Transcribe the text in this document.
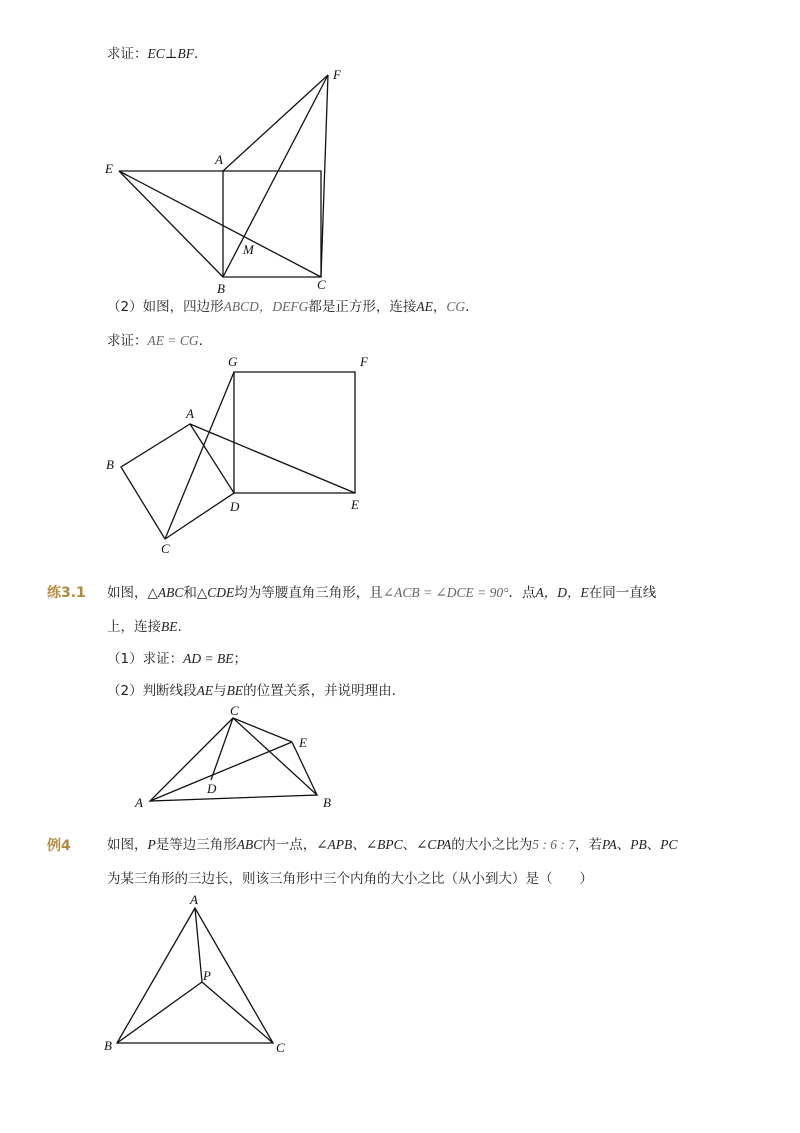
求证：EC⊥BF.
E
A
F
M
B	C
（2）如图，四边形ABCD，DEFG都是正方形，连接AE，CG.
求证：AE = CG.
G	F
A
B
D	E
C
练3.1 如图，△ABC和△CDE均为等腰直角三角形，且∠ACB = ∠DCE = 90°．点A，D，E在同一直线
上，连接BE.
（1）求证：AD = BE；
（2）判断线段AE与BE的位置关系，并说明理由．
C
E
D
A	B
例4	如图，P是等边三角形ABC内一点，∠APB、∠BPC、∠CPA的大小之比为5 : 6 : 7，若PA、PB、PC
为某三角形的三边长，则该三角形中三个内角的大小之比（从小到大）是（　　）
A
P
B	C
